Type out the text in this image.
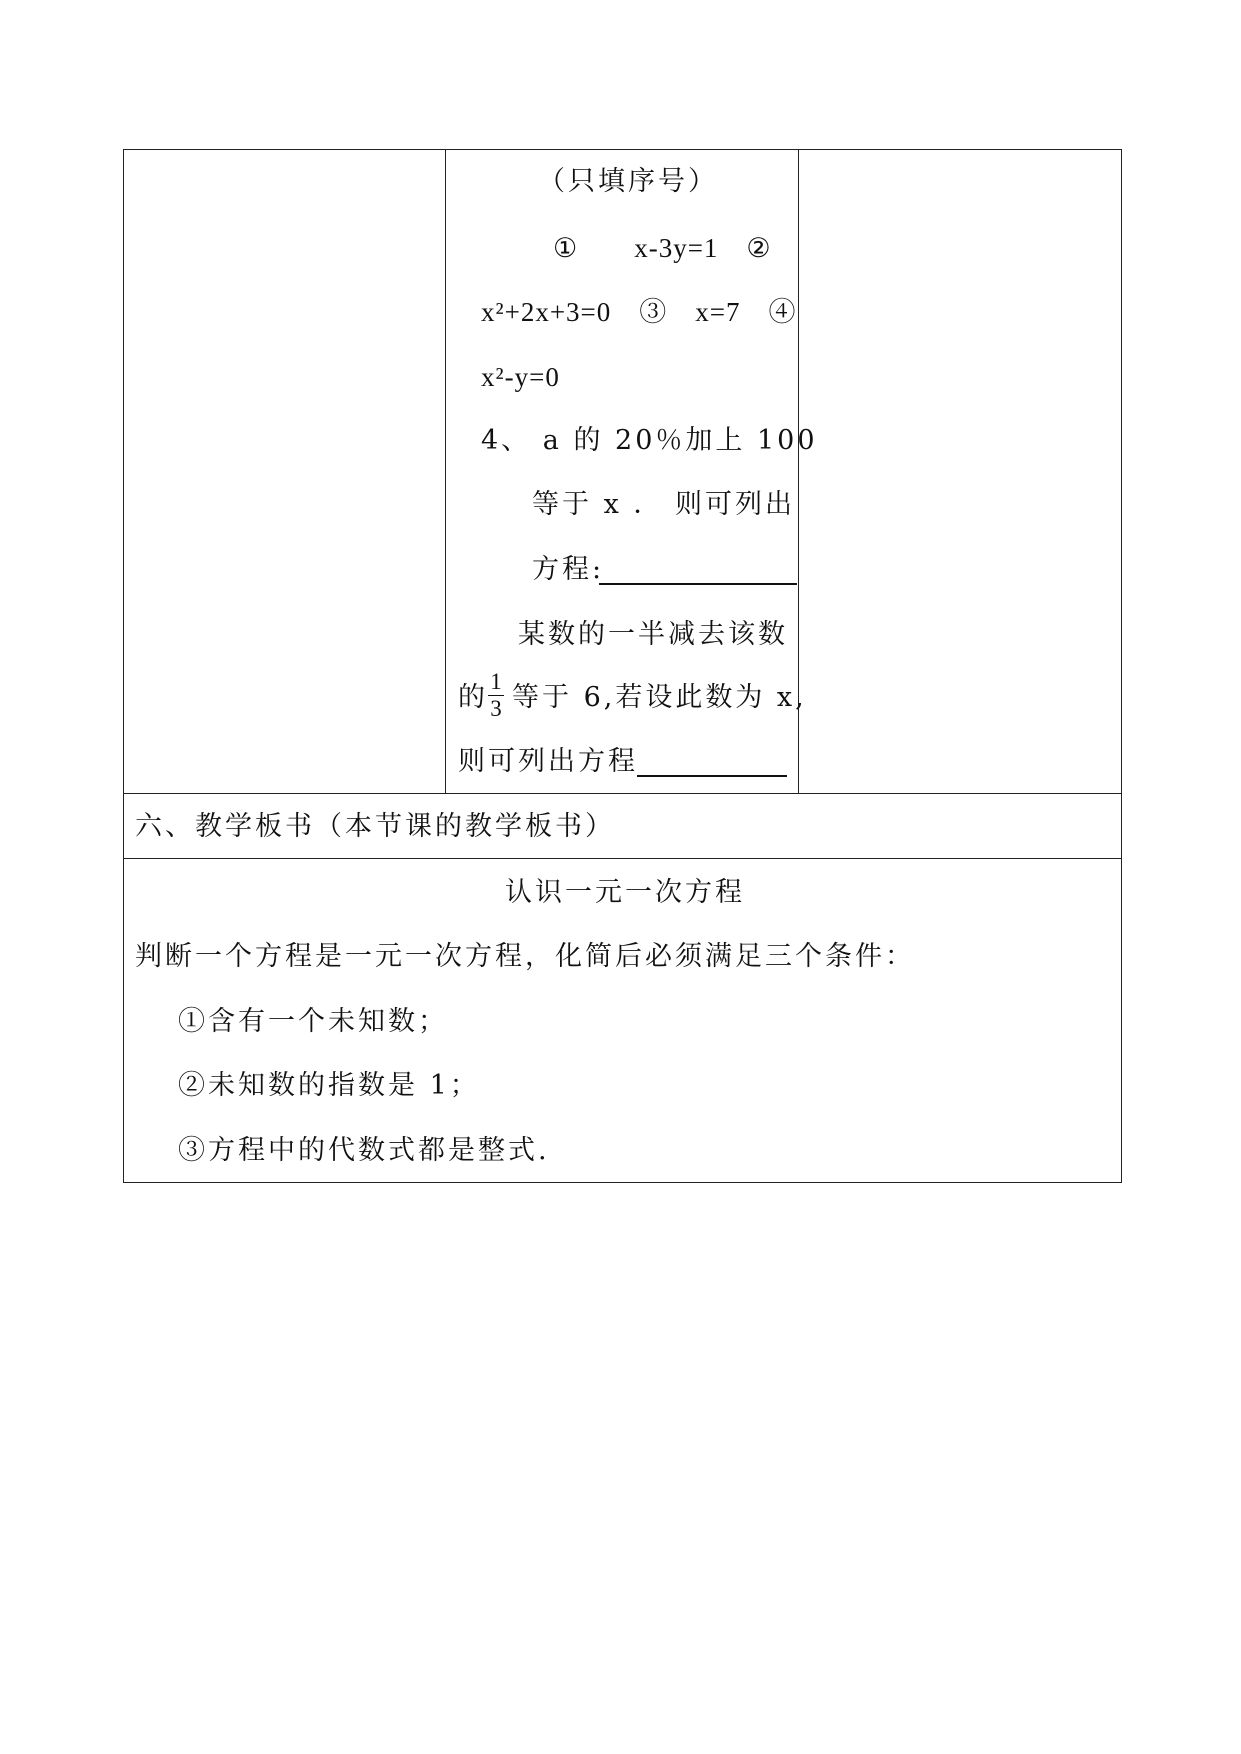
（只填序号）
①　　x-3y=1　②
x²+2x+3=0　③　x=7　④
x²-y=0
4、 a 的 20％加上 100
等于 x ． 则可列出
方程:
某数的一半减去该数
的
1
3 等于 6,若设此数为 x,
则可列出方程
六、教学板书（本节课的教学板书）
认识一元一次方程
判断一个方程是一元一次方程，化简后必须满足三个条件：
①含有一个未知数；
②未知数的指数是 1；
③方程中的代数式都是整式.
